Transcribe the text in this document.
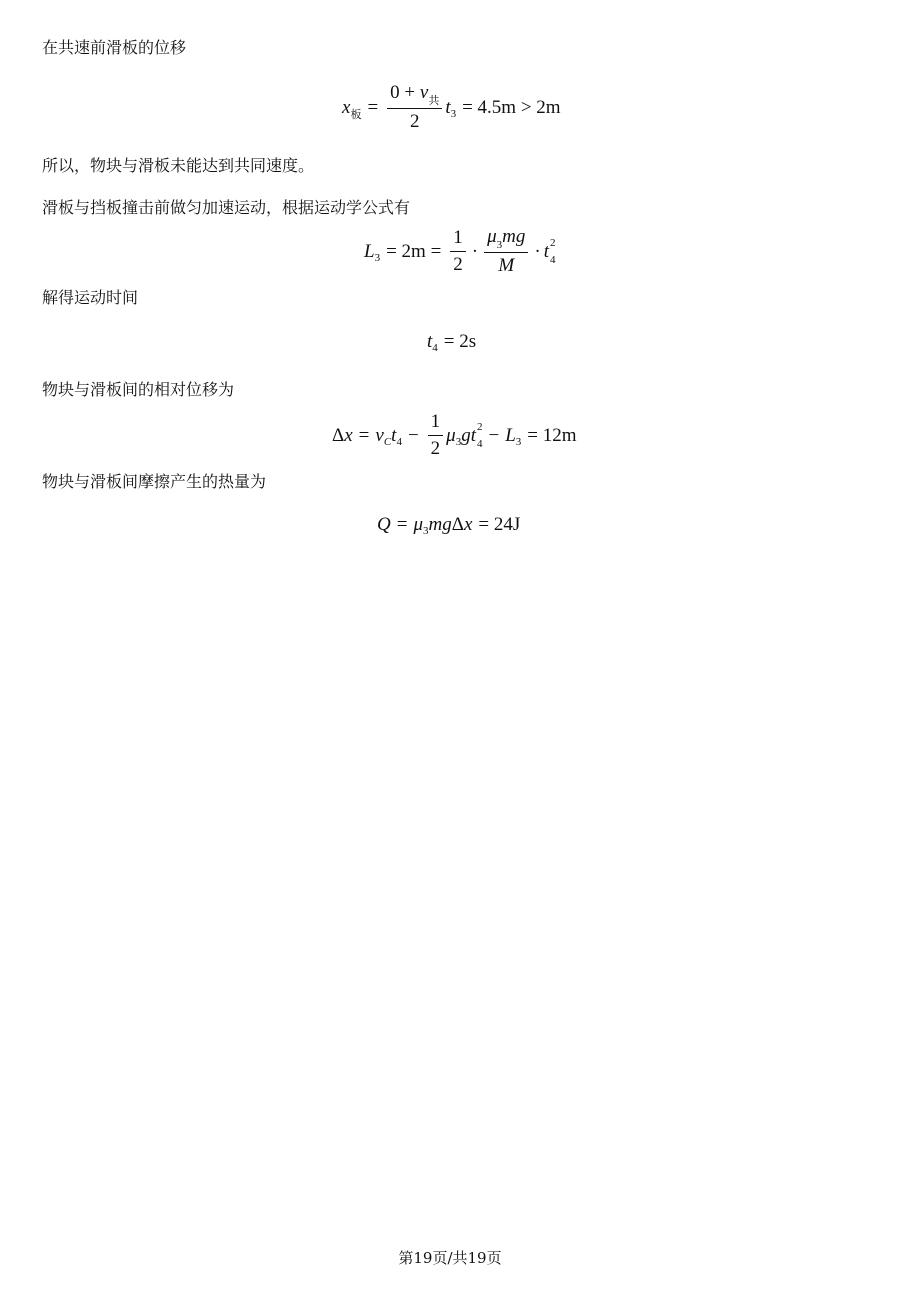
在共速前滑板的位移
x 板 = $\frac{0 + v_共}{2}$ t 3 = 4.5m > 2m
所以，物块与滑板未能达到共同速度。
滑板与挡板撞击前做匀加速运动，根据运动学公式有
L $3 = 2m = \frac{1}{2} \cdot \frac{\mu_3mg}{M} \cdot t$ 2
4
解得运动时间
t 4 = 2s
物块与滑板间的相对位移为
Δ x = v C t $4 - \frac{1}{2}$ μ 3 g t 2
4 − L 3 = 12m
物块与滑板间摩擦产生的热量为
Q = μ 3 mg Δ x = 24J
第19页/共19页
